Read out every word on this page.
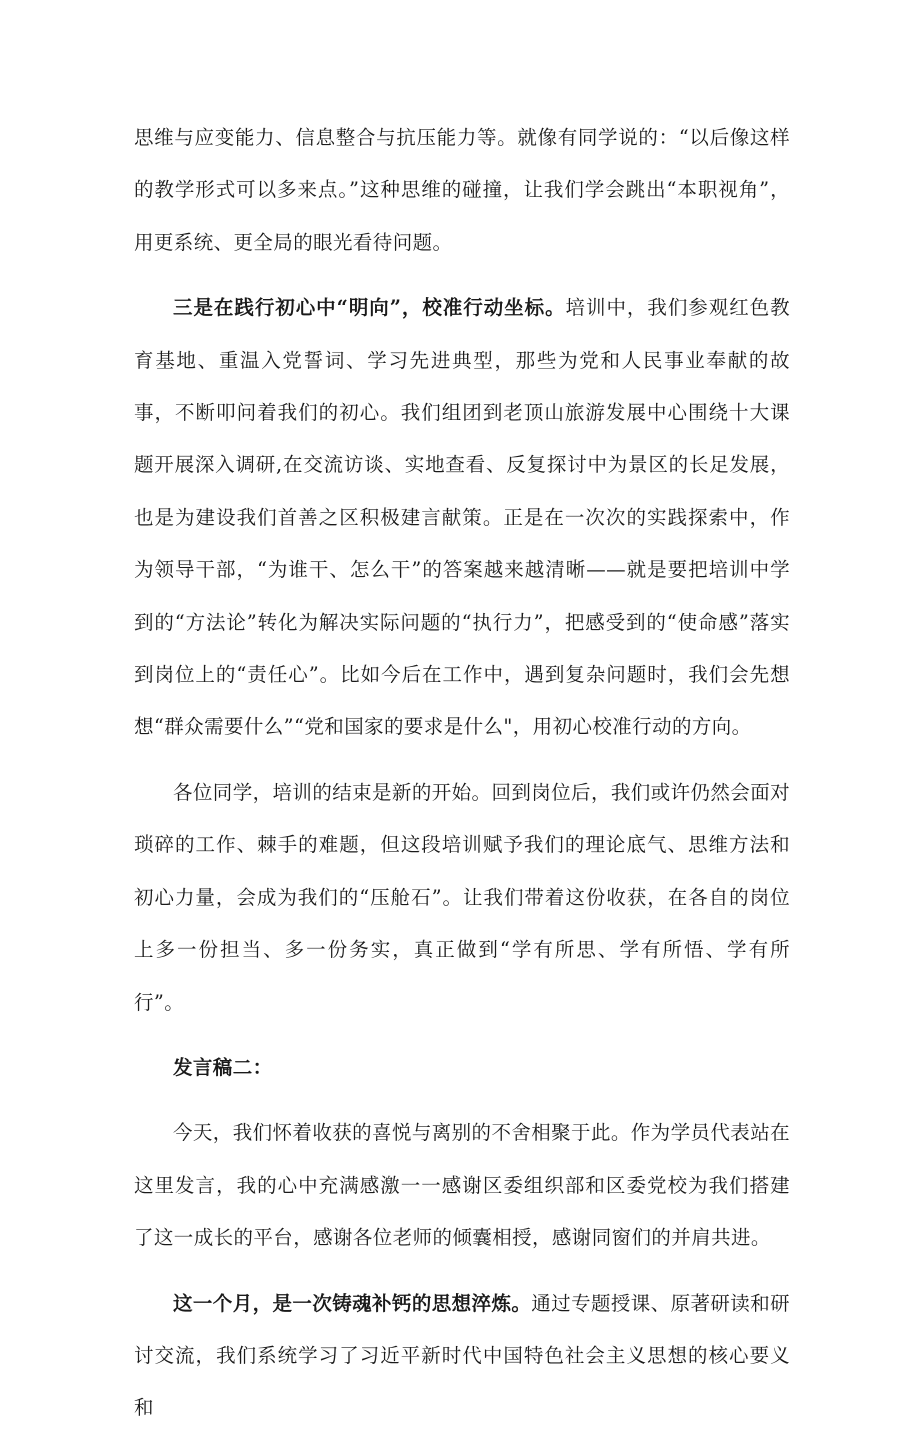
思维与应变能力、信息整合与抗压能力等。就像有同学说的：“以后像这样的教学形式可以多来点。”这种思维的碰撞，让我们学会跳出“本职视角”，用更系统、更全局的眼光看待问题。

三是在践行初心中“明向”，校准行动坐标。培训中，我们参观红色教育基地、重温入党誓词、学习先进典型，那些为党和人民事业奉献的故事，不断叩问着我们的初心。我们组团到老顶山旅游发展中心围绕十大课题开展深入调研,在交流访谈、实地查看、反复探讨中为景区的长足发展，也是为建设我们首善之区积极建言献策。正是在一次次的实践探索中，作为领导干部，“为谁干、怎么干”的答案越来越清晰——就是要把培训中学到的“方法论”转化为解决实际问题的“执行力”，把感受到的“使命感”落实到岗位上的“责任心”。比如今后在工作中，遇到复杂问题时，我们会先想想“群众需要什么”“党和国家的要求是什么"，用初心校准行动的方向。

各位同学，培训的结束是新的开始。回到岗位后，我们或许仍然会面对琐碎的工作、棘手的难题，但这段培训赋予我们的理论底气、思维方法和初心力量，会成为我们的“压舱石”。让我们带着这份收获，在各自的岗位上多一份担当、多一份务实，真正做到“学有所思、学有所悟、学有所行”。

发言稿二：

今天，我们怀着收获的喜悦与离别的不舍相聚于此。作为学员代表站在这里发言，我的心中充满感激一一感谢区委组织部和区委党校为我们搭建了这一成长的平台，感谢各位老师的倾囊相授，感谢同窗们的并肩共进。

这一个月，是一次铸魂补钙的思想淬炼。通过专题授课、原著研读和研讨交流，我们系统学习了习近平新时代中国特色社会主义思想的核心要义和
